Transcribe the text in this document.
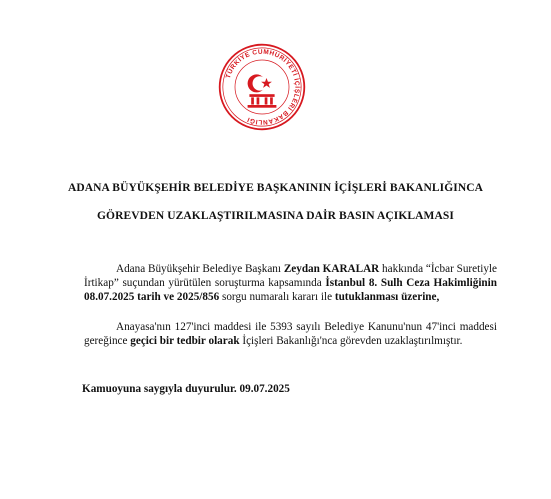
TÜRKİYE CUMHURİYETİ İÇİŞLERİ BAKANLIĞI
ADANA BÜYÜKŞEHİR BELEDİYE BAŞKANININ İÇİŞLERİ BAKANLIĞINCA
GÖREVDEN UZAKLAŞTIRILMASINA DAİR BASIN AÇIKLAMASI
Adana Büyükşehir Belediye Başkanı Zeydan KARALAR hakkında “İcbar Suretiyle İrtikap” suçundan yürütülen soruşturma kapsamında İstanbul 8. Sulh Ceza Hakimliğinin 08.07.2025 tarih ve 2025/856 sorgu numaralı kararı ile tutuklanması üzerine,
Anayasa'nın 127'inci maddesi ile 5393 sayılı Belediye Kanunu'nun 47'inci maddesi gereğince geçici bir tedbir olarak İçişleri Bakanlığı'nca görevden uzaklaştırılmıştır.
Kamuoyuna saygıyla duyurulur. 09.07.2025
